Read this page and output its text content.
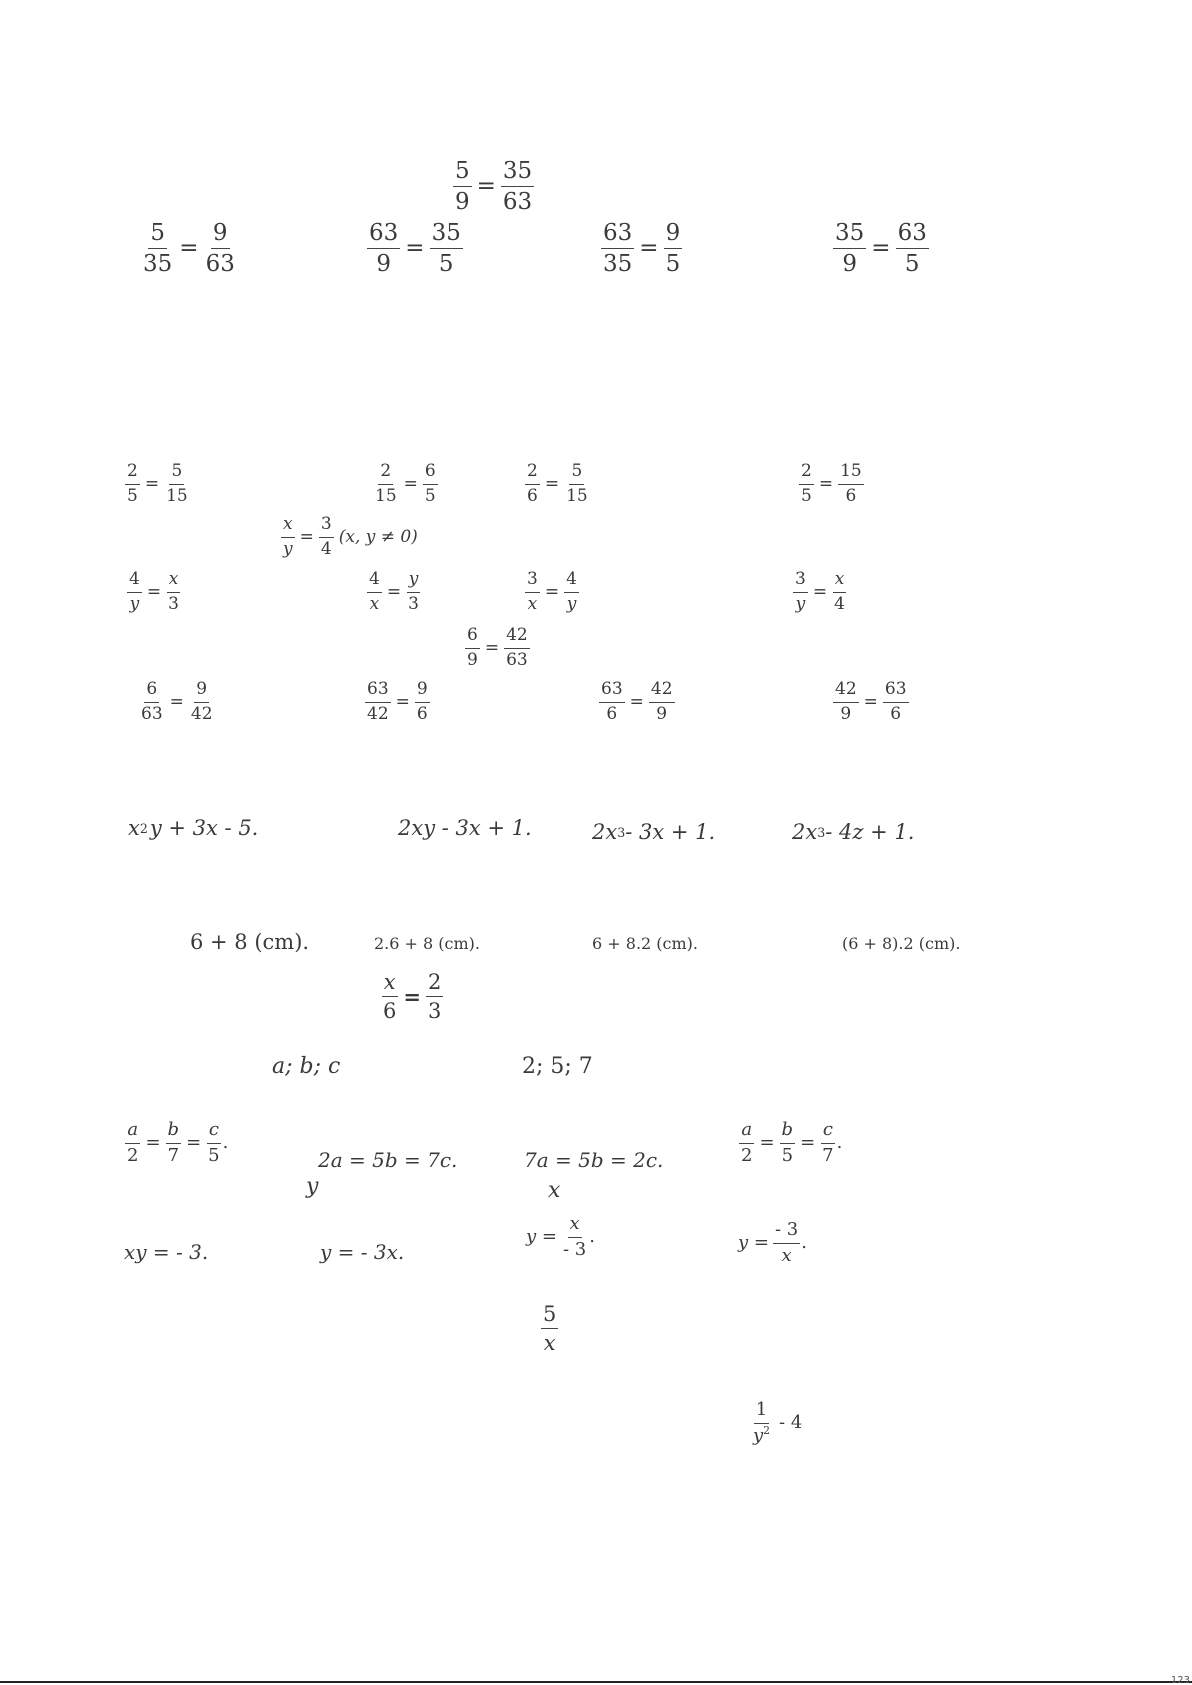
$\frac{5}{9} = \frac{35}{63}$
$\frac{5}{35} = \frac{9}{63}$	$\frac{63}{9} = \frac{35}{5}$	$\frac{63}{35} = \frac{9}{5}$	$\frac{35}{9} = \frac{63}{5}$
$\frac{2}{5} = \frac{5}{15}$	$\frac{2}{15} = \frac{6}{5}$	$\frac{2}{6} = \frac{5}{15}$	$\frac{2}{5} = \frac{15}{6}$
$\frac{x}{y} = \frac{3}{4} (x$, y ≠ 0)
$\frac{4}{y} = \frac{x}{3}$	$\frac{4}{x} = \frac{y}{3}$	$\frac{3}{x} = \frac{4}{y}$	$\frac{3}{y} = \frac{x}{4}$
$\frac{6}{9} = \frac{42}{63}$
$\frac{6}{63} = \frac{9}{42}$	$\frac{63}{42} = \frac{9}{6}$	$\frac{63}{6} = \frac{42}{9}$	$\frac{42}{9} = \frac{63}{6}$
x 2 y + 3x - 5.	2xy - 3x + 1.	2x 3 - 3x + 1.	2x 3 - 4z + 1.
6 + 8 (cm).	2.6 + 8 (cm).	6 + 8.2 (cm).	(6 + 8).2 (cm).
$\frac{x}{6} = \frac{2}{3}$
a; b; c	2; 5; 7
$\frac{a}{2} = \frac{b}{7} = \frac{c}{5}$ .
2a = 5b = 7c.	7a = 5b = 2c.	$\frac{a}{2} = \frac{b}{5} = \frac{c}{7}$ .
y	x
xy = - 3.	y = - 3x.
$y = \frac{x}{- 3}$ .	$y = \frac{- 3}{x}$ .
$\frac{5}{x}$
$\frac{1}{y^2} - 4$
123
